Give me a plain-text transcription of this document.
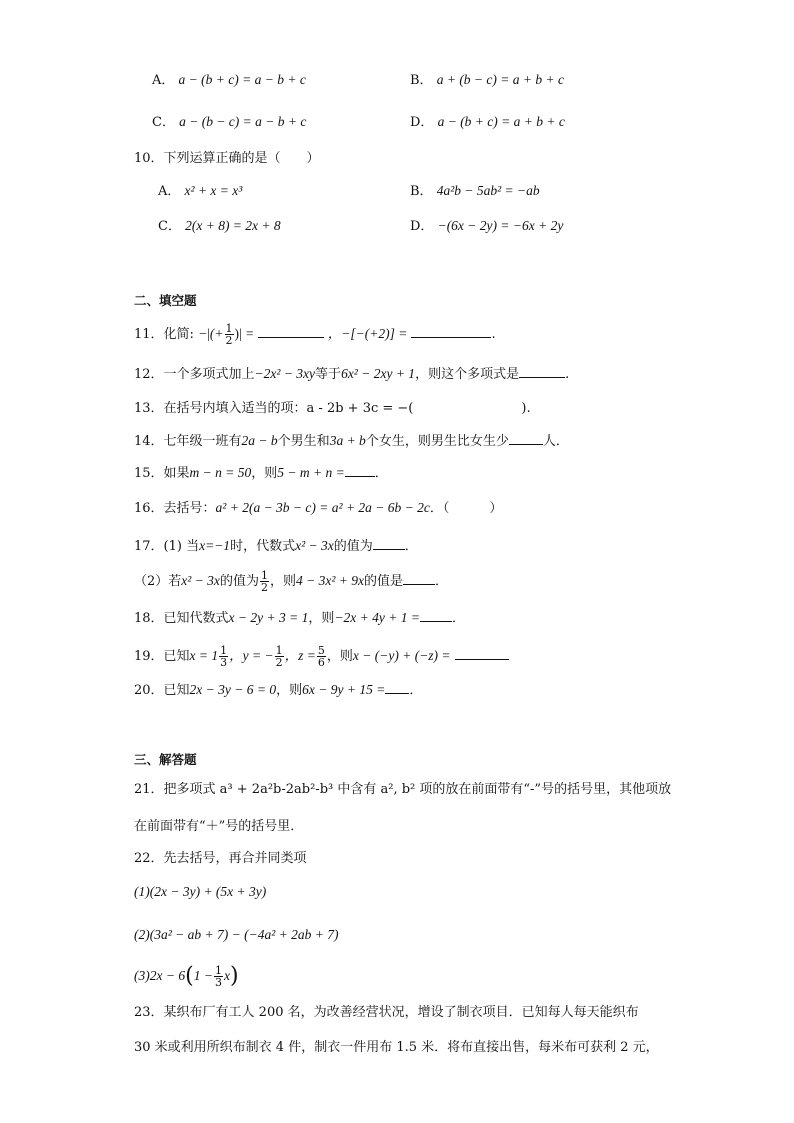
A． a − (b + c) = a − b + c	B． a + (b − c) = a + b + c
C． a − (b − c) = a − b + c	D． a − (b + c) = a + b + c
10．下列运算正确的是（　　）
A． x² + x = x³	B． 4a²b − 5ab² = −ab
C． 2(x + 8) = 2x + 8	D． −(6x − 2y) = −6x + 2y
二、填空题
11．化简: −|(+ $\frac{1}{2}$ )| =	，−[−(+2)] =	.
12．一个多项式加上−2x² − 3xy等于6x² − 2xy + 1，则这个多项式是	.
13．在括号内填入适当的项：a - 2b + 3c = −(	).
14．七年级一班有2a − b个男生和3a + b个女生，则男生比女生少	人．
15．如果m − n = 50，则5 − m + n = ．
16．去括号：a² + 2(a − 3b − c) = a² + 2a − 6b − 2c．（	）
17．(1) 当x=−1时，代数式x² − 3x的值为 ．
（2）若x² − 3x的值为 $\frac{1}{2}$ ，则4 − 3x² + 9x的值是 ．
18．已知代数式x − 2y + 3 = 1，则−2x + 4y + 1 = ．
19．已知$x = 1 \frac{1}{3}$ ，y = − $\frac{1}{2}$ ，$z = \frac{5}{6}$ ，则x − (−y) + (−z) =
20．已知2x − 3y − 6 = 0，则6x − 9y + 15 = ．
三、解答题
21．把多项式 a³ + 2a²b-2ab²-b³ 中含有 a², b² 项的放在前面带有“-”号的括号里，其他项放
在前面带有“＋”号的括号里．
22．先去括号，再合并同类项
(1)(2x − 3y) + (5x + 3y)
(2)(3a² − ab + 7) − (−4a² + 2ab + 7)
$(3)2x - 6(1 - \frac{1}{3} x)$
23．某织布厂有工人 200 名，为改善经营状况，增设了制衣项目．已知每人每天能织布
30 米或利用所织布制衣 4 件，制衣一件用布 1.5 米．将布直接出售，每米布可获利 2 元，
